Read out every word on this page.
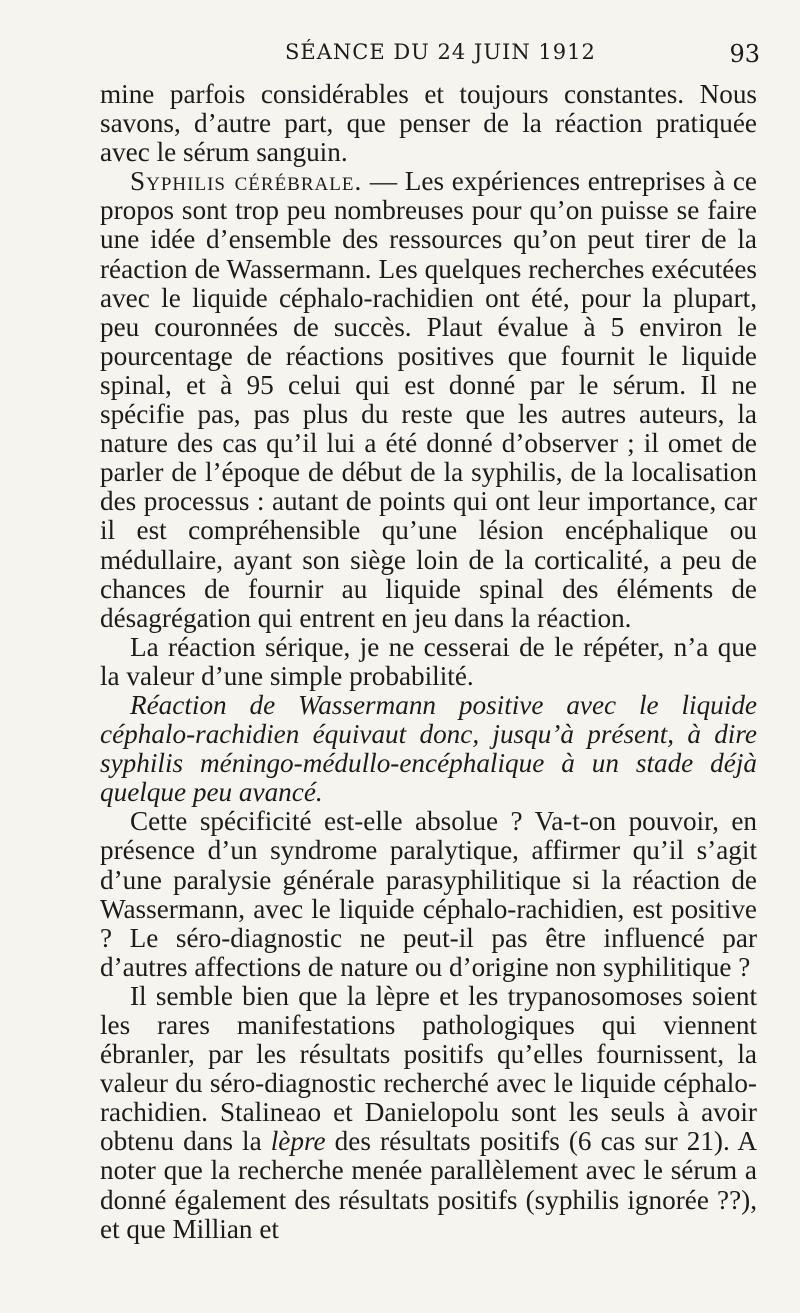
SÉANCE DU 24 JUIN 1912	93

mine parfois considérables et toujours constantes. Nous savons, d’autre part, que penser de la réaction pratiquée avec le sérum sanguin.

Syphilis cérébrale. — Les expériences entreprises à ce propos sont trop peu nombreuses pour qu’on puisse se faire une idée d’ensemble des ressources qu’on peut tirer de la réaction de Wassermann. Les quelques recherches exécutées avec le liquide céphalo-rachidien ont été, pour la plupart, peu couronnées de succès. Plaut évalue à 5 environ le pourcentage de réactions positives que fournit le liquide spinal, et à 95 celui qui est donné par le sérum. Il ne spécifie pas, pas plus du reste que les autres auteurs, la nature des cas qu’il lui a été donné d’observer ; il omet de parler de l’époque de début de la syphilis, de la localisation des processus : autant de points qui ont leur importance, car il est compréhensible qu’une lésion encéphalique ou médullaire, ayant son siège loin de la corticalité, a peu de chances de fournir au liquide spinal des éléments de désagrégation qui entrent en jeu dans la réaction.

La réaction sérique, je ne cesserai de le répéter, n’a que la valeur d’une simple probabilité.

Réaction de Wassermann positive avec le liquide céphalo-rachidien équivaut donc, jusqu’à présent, à dire syphilis méningo-médullo-encéphalique à un stade déjà quelque peu avancé.

Cette spécificité est-elle absolue ? Va-t-on pouvoir, en présence d’un syndrome paralytique, affirmer qu’il s’agit d’une paralysie générale parasyphilitique si la réaction de Wassermann, avec le liquide céphalo-rachidien, est positive ? Le séro-diagnostic ne peut-il pas être influencé par d’autres affections de nature ou d’origine non syphilitique ?

Il semble bien que la lèpre et les trypanosomoses soient les rares manifestations pathologiques qui viennent ébranler, par les résultats positifs qu’elles fournissent, la valeur du séro-diagnostic recherché avec le liquide céphalo-rachidien. Stalineao et Danielopolu sont les seuls à avoir obtenu dans la lèpre des résultats positifs (6 cas sur 21). A noter que la recherche menée parallèlement avec le sérum a donné également des résultats positifs (syphilis ignorée ??), et que Millian et
